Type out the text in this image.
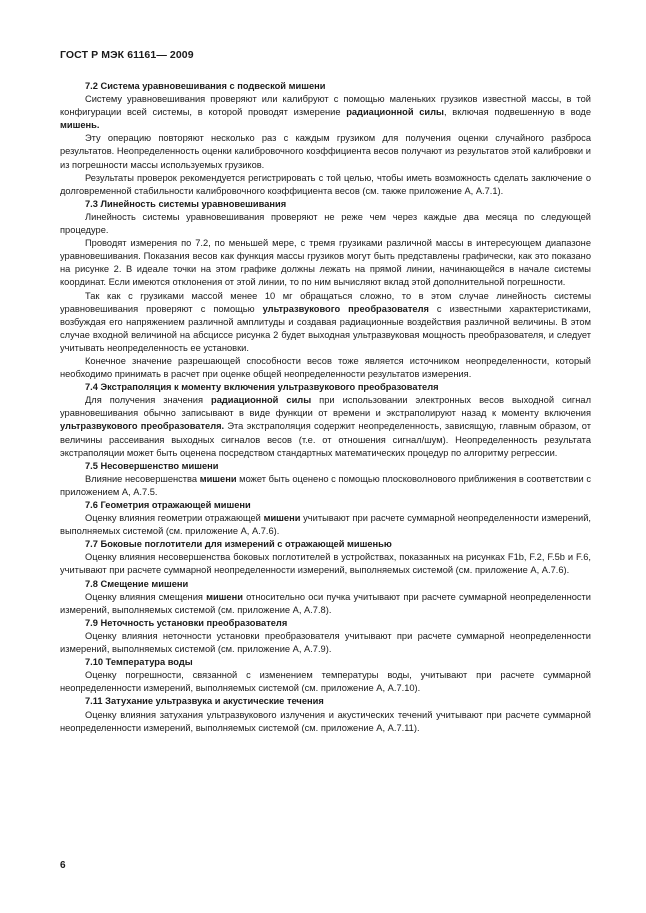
ГОСТ Р МЭК 61161— 2009
7.2 Система уравновешивания с подвеской мишени
Систему уравновешивания проверяют или калибруют с помощью маленьких грузиков известной массы, в той конфигурации всей системы, в которой проводят измерение радиационной силы, включая подвешенную в воде мишень.
Эту операцию повторяют несколько раз с каждым грузиком для получения оценки случайного разброса результатов. Неопределенность оценки калибровочного коэффициента весов получают из результатов этой калибровки и из погрешности массы используемых грузиков.
Результаты проверок рекомендуется регистрировать с той целью, чтобы иметь возможность сделать заключение о долговременной стабильности калибровочного коэффициента весов (см. также приложение А, А.7.1).
7.3 Линейность системы уравновешивания
Линейность системы уравновешивания проверяют не реже чем через каждые два месяца по следующей процедуре.
Проводят измерения по 7.2, по меньшей мере, с тремя грузиками различной массы в интересующем диапазоне уравновешивания. Показания весов как функция массы грузиков могут быть представлены графически, как это показано на рисунке 2. В идеале точки на этом графике должны лежать на прямой линии, начинающейся в начале системы координат. Если имеются отклонения от этой линии, то по ним вычисляют вклад этой дополнительной погрешности.
Так как с грузиками массой менее 10 мг обращаться сложно, то в этом случае линейность системы уравновешивания проверяют с помощью ультразвукового преобразователя с известными характеристиками, возбуждая его напряжением различной амплитуды и создавая радиационные воздействия различной величины. В этом случае входной величиной на абсциссе рисунка 2 будет выходная ультразвуковая мощность преобразователя, и следует учитывать неопределенность ее установки.
Конечное значение разрешающей способности весов тоже является источником неопределенности, который необходимо принимать в расчет при оценке общей неопределенности результатов измерения.
7.4 Экстраполяция к моменту включения ультразвукового преобразователя
Для получения значения радиационной силы при использовании электронных весов выходной сигнал уравновешивания обычно записывают в виде функции от времени и экстраполируют назад к моменту включения ультразвукового преобразователя. Эта экстраполяция содержит неопределенность, зависящую, главным образом, от величины рассеивания выходных сигналов весов (т.е. от отношения сигнал/шум). Неопределенность результата экстраполяции может быть оценена посредством стандартных математических процедур по алгоритму регрессии.
7.5 Несовершенство мишени
Влияние несовершенства мишени может быть оценено с помощью плосковолнового приближения в соответствии с приложением А, А.7.5.
7.6 Геометрия отражающей мишени
Оценку влияния геометрии отражающей мишени учитывают при расчете суммарной неопределенности измерений, выполняемых системой (см. приложение А, А.7.6).
7.7 Боковые поглотители для измерений с отражающей мишенью
Оценку влияния несовершенства боковых поглотителей в устройствах, показанных на рисунках F1b, F.2, F.5b и F.6, учитывают при расчете суммарной неопределенности измерений, выполняемых системой (см. приложение А, А.7.6).
7.8 Смещение мишени
Оценку влияния смещения мишени относительно оси пучка учитывают при расчете суммарной неопределенности измерений, выполняемых системой (см. приложение А, А.7.8).
7.9 Неточность установки преобразователя
Оценку влияния неточности установки преобразователя учитывают при расчете суммарной неопределенности измерений, выполняемых системой (см. приложение А, А.7.9).
7.10 Температура воды
Оценку погрешности, связанной с изменением температуры воды, учитывают при расчете суммарной неопределенности измерений, выполняемых системой (см. приложение А, А.7.10).
7.11 Затухание ультразвука и акустические течения
Оценку влияния затухания ультразвукового излучения и акустических течений учитывают при расчете суммарной неопределенности измерений, выполняемых системой (см. приложение А, А.7.11).
6
